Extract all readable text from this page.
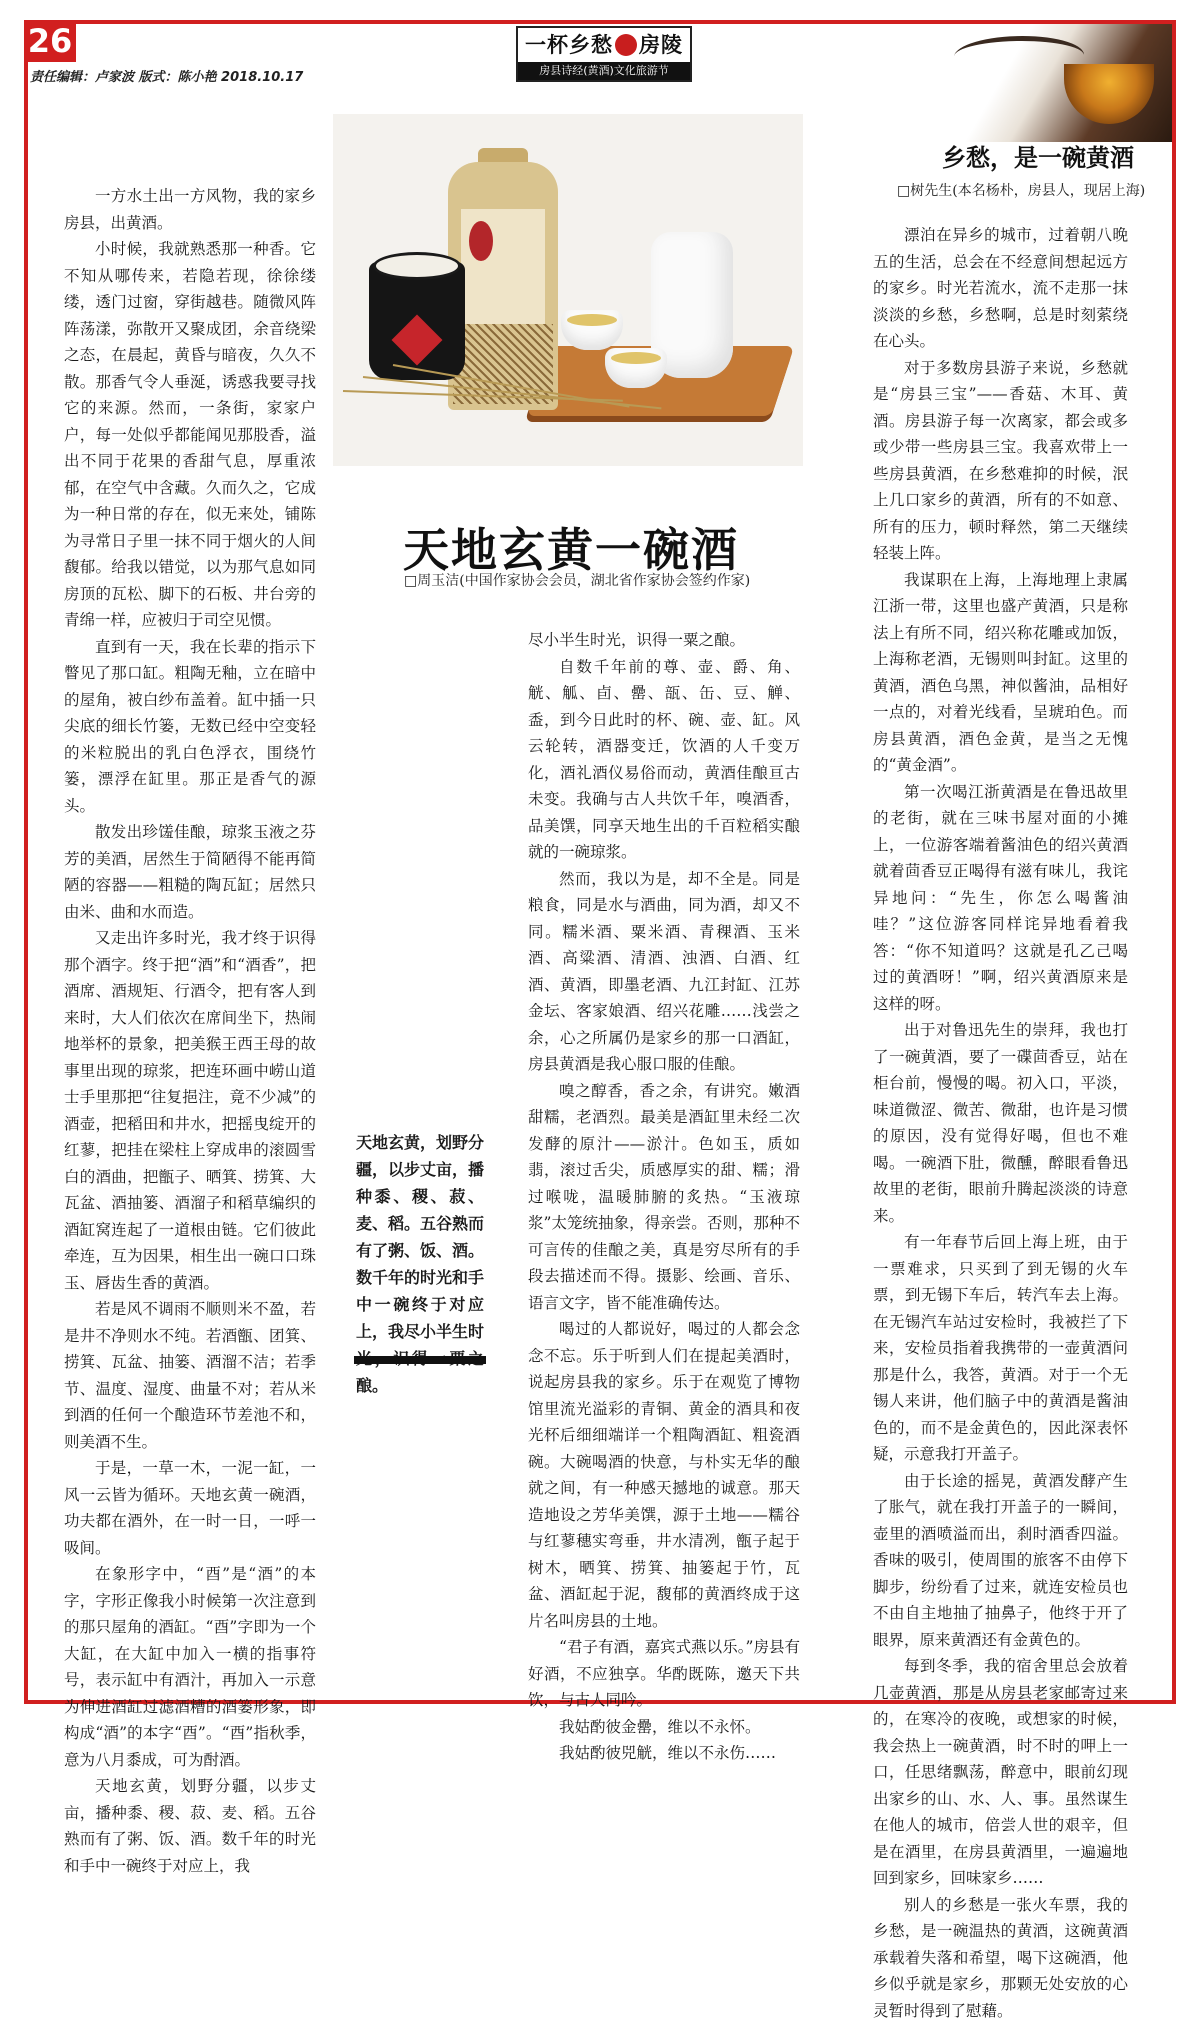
26
责任编辑：卢家波 版式：陈小艳 2018.10.17
一杯乡愁 房陵
房县诗经(黄酒)文化旅游节
天地玄黄一碗酒
□周玉洁(中国作家协会会员，湖北省作家协会签约作家)

一方水土出一方风物，我的家乡房县，出黄酒。

小时候，我就熟悉那一种香。它不知从哪传来，若隐若现，徐徐缕缕，透门过窗，穿街越巷。随微风阵阵荡漾，弥散开又聚成团，余音绕梁之态，在晨起，黄昏与暗夜，久久不散。那香气令人垂涎，诱惑我要寻找它的来源。然而，一条街，家家户户，每一处似乎都能闻见那股香，溢出不同于花果的香甜气息，厚重浓郁，在空气中含藏。久而久之，它成为一种日常的存在，似无来处，铺陈为寻常日子里一抹不同于烟火的人间馥郁。给我以错觉，以为那气息如同房顶的瓦松、脚下的石板、井台旁的青绵一样，应被归于司空见惯。

直到有一天，我在长辈的指示下瞥见了那口缸。粗陶无釉，立在暗中的屋角，被白纱布盖着。缸中插一只尖底的细长竹篓，无数已经中空变轻的米粒脱出的乳白色浮衣，围绕竹篓，漂浮在缸里。那正是香气的源头。

散发出珍馐佳酿，琼浆玉液之芬芳的美酒，居然生于简陋得不能再简陋的容器——粗糙的陶瓦缸；居然只由米、曲和水而造。

又走出许多时光，我才终于识得那个酒字。终于把“酒”和“酒香”，把酒席、酒规矩、行酒令，把有客人到来时，大人们依次在席间坐下，热闹地举杯的景象，把美猴王西王母的故事里出现的琼浆，把连环画中崂山道士手里那把“往复挹注，竟不少减”的酒壶，把稻田和井水，把摇曳绽开的红蓼，把挂在梁柱上穿成串的滚圆雪白的酒曲，把甑子、晒箕、捞箕、大瓦盆、酒抽篓、酒溜子和稻草编织的酒缸窝连起了一道根由链。它们彼此牵连，互为因果，相生出一碗口口珠玉、唇齿生香的黄酒。

若是风不调雨不顺则米不盈，若是井不净则水不纯。若酒甑、团箕、捞箕、瓦盆、抽篓、酒溜不洁；若季节、温度、湿度、曲量不对；若从米到酒的任何一个酿造环节差池不和，则美酒不生。

于是，一草一木，一泥一缸，一风一云皆为循环。天地玄黄一碗酒，功夫都在酒外，在一时一日，一呼一吸间。

在象形字中，“酉”是“酒”的本字，字形正像我小时候第一次注意到的那只屋角的酒缸。“酉”字即为一个大缸，在大缸中加入一横的指事符号，表示缸中有酒汁，再加入一示意为伸进酒缸过滤酒糟的酒篓形象，即构成“酒”的本字“酉”。“酉”指秋季，意为八月黍成，可为酎酒。

天地玄黄，划野分疆，以步丈亩，播种黍、稷、菽、麦、稻。五谷熟而有了粥、饭、酒。数千年的时光和手中一碗终于对应上，我

尽小半生时光，识得一粟之酿。

自数千年前的尊、壶、爵、角、觥、觚、卣、罍、瓿、缶、豆、觯、盉，到今日此时的杯、碗、壶、缸。风云轮转，酒器变迁，饮酒的人千变万化，酒礼酒仪易俗而动，黄酒佳酿亘古未变。我确与古人共饮千年，嗅酒香，品美馔，同享天地生出的千百粒稻实酿就的一碗琼浆。

然而，我以为是，却不全是。同是粮食，同是水与酒曲，同为酒，却又不同。糯米酒、粟米酒、青稞酒、玉米酒、高粱酒、清酒、浊酒、白酒、红酒、黄酒，即墨老酒、九江封缸、江苏金坛、客家娘酒、绍兴花雕……浅尝之余，心之所属仍是家乡的那一口酒缸，房县黄酒是我心服口服的佳酿。

嗅之醇香，香之余，有讲究。嫩酒甜糯，老酒烈。最美是酒缸里未经二次发酵的原汁——淤汁。色如玉，质如翡，滚过舌尖，质感厚实的甜、糯；滑过喉咙，温暖肺腑的炙热。“玉液琼浆”太笼统抽象，得亲尝。否则，那种不可言传的佳酿之美，真是穷尽所有的手段去描述而不得。摄影、绘画、音乐、语言文字，皆不能准确传达。

喝过的人都说好，喝过的人都会念念不忘。乐于听到人们在提起美酒时，说起房县我的家乡。乐于在观览了博物馆里流光溢彩的青铜、黄金的酒具和夜光杯后细细端详一个粗陶酒缸、粗瓷酒碗。大碗喝酒的快意，与朴实无华的酿就之间，有一种感天撼地的诚意。那天造地设之芳华美馔，源于土地——糯谷与红蓼穗实弯垂，井水清冽，甑子起于树木，晒箕、捞箕、抽篓起于竹，瓦盆、酒缸起于泥，馥郁的黄酒终成于这片名叫房县的土地。

“君子有酒，嘉宾式燕以乐。”房县有好酒，不应独享。华酌既陈，邀天下共饮，与古人同吟。

我姑酌彼金罍，维以不永怀。

我姑酌彼兕觥，维以不永伤……

天地玄黄，划野分疆，以步丈亩，播种黍、稷、菽、麦、稻。五谷熟而有了粥、饭、酒。数千年的时光和手中一碗终于对应上，我尽小半生时 酿。
乡愁，是一碗黄酒
□树先生(本名杨朴，房县人，现居上海)

漂泊在异乡的城市，过着朝八晚五的生活，总会在不经意间想起远方的家乡。时光若流水，流不走那一抹淡淡的乡愁，乡愁啊，总是时刻萦绕在心头。

对于多数房县游子来说，乡愁就是“房县三宝”——香菇、木耳、黄酒。房县游子每一次离家，都会或多或少带一些房县三宝。我喜欢带上一些房县黄酒，在乡愁难抑的时候，泯上几口家乡的黄酒，所有的不如意、所有的压力，顿时释然，第二天继续轻装上阵。

我谋职在上海，上海地理上隶属江浙一带，这里也盛产黄酒，只是称法上有所不同，绍兴称花雕或加饭，上海称老酒，无锡则叫封缸。这里的黄酒，酒色乌黑，神似酱油，品相好一点的，对着光线看，呈琥珀色。而房县黄酒，酒色金黄，是当之无愧的“黄金酒”。

第一次喝江浙黄酒是在鲁迅故里的老街，就在三味书屋对面的小摊上，一位游客端着酱油色的绍兴黄酒就着茴香豆正喝得有滋有味儿，我诧异地问：“先生，你怎么喝酱油哇？”这位游客同样诧异地看着我答：“你不知道吗？这就是孔乙己喝过的黄酒呀！”啊，绍兴黄酒原来是这样的呀。

出于对鲁迅先生的崇拜，我也打了一碗黄酒，要了一碟茴香豆，站在柜台前，慢慢的喝。初入口，平淡，味道微涩、微苦、微甜，也许是习惯的原因，没有觉得好喝，但也不难喝。一碗酒下肚，微醺，醉眼看鲁迅故里的老街，眼前升腾起淡淡的诗意来。

有一年春节后回上海上班，由于一票难求，只买到了到无锡的火车票，到无锡下车后，转汽车去上海。在无锡汽车站过安检时，我被拦了下来，安检员指着我携带的一壶黄酒问那是什么，我答，黄酒。对于一个无锡人来讲，他们脑子中的黄酒是酱油色的，而不是金黄色的，因此深表怀疑，示意我打开盖子。

由于长途的摇晃，黄酒发酵产生了胀气，就在我打开盖子的一瞬间，壶里的酒喷溢而出，刹时酒香四溢。香味的吸引，使周围的旅客不由停下脚步，纷纷看了过来，就连安检员也不由自主地抽了抽鼻子，他终于开了眼界，原来黄酒还有金黄色的。

每到冬季，我的宿舍里总会放着几壶黄酒，那是从房县老家邮寄过来的，在寒冷的夜晚，或想家的时候，我会热上一碗黄酒，时不时的呷上一口，任思绪飘荡，醉意中，眼前幻现出家乡的山、水、人、事。虽然谋生在他人的城市，倍尝人世的艰辛，但是在酒里，在房县黄酒里，一遍遍地回到家乡，回味家乡……

别人的乡愁是一张火车票，我的乡愁，是一碗温热的黄酒，这碗黄酒承载着失落和希望，喝下这碗酒，他乡似乎就是家乡，那颗无处安放的心灵暂时得到了慰藉。
